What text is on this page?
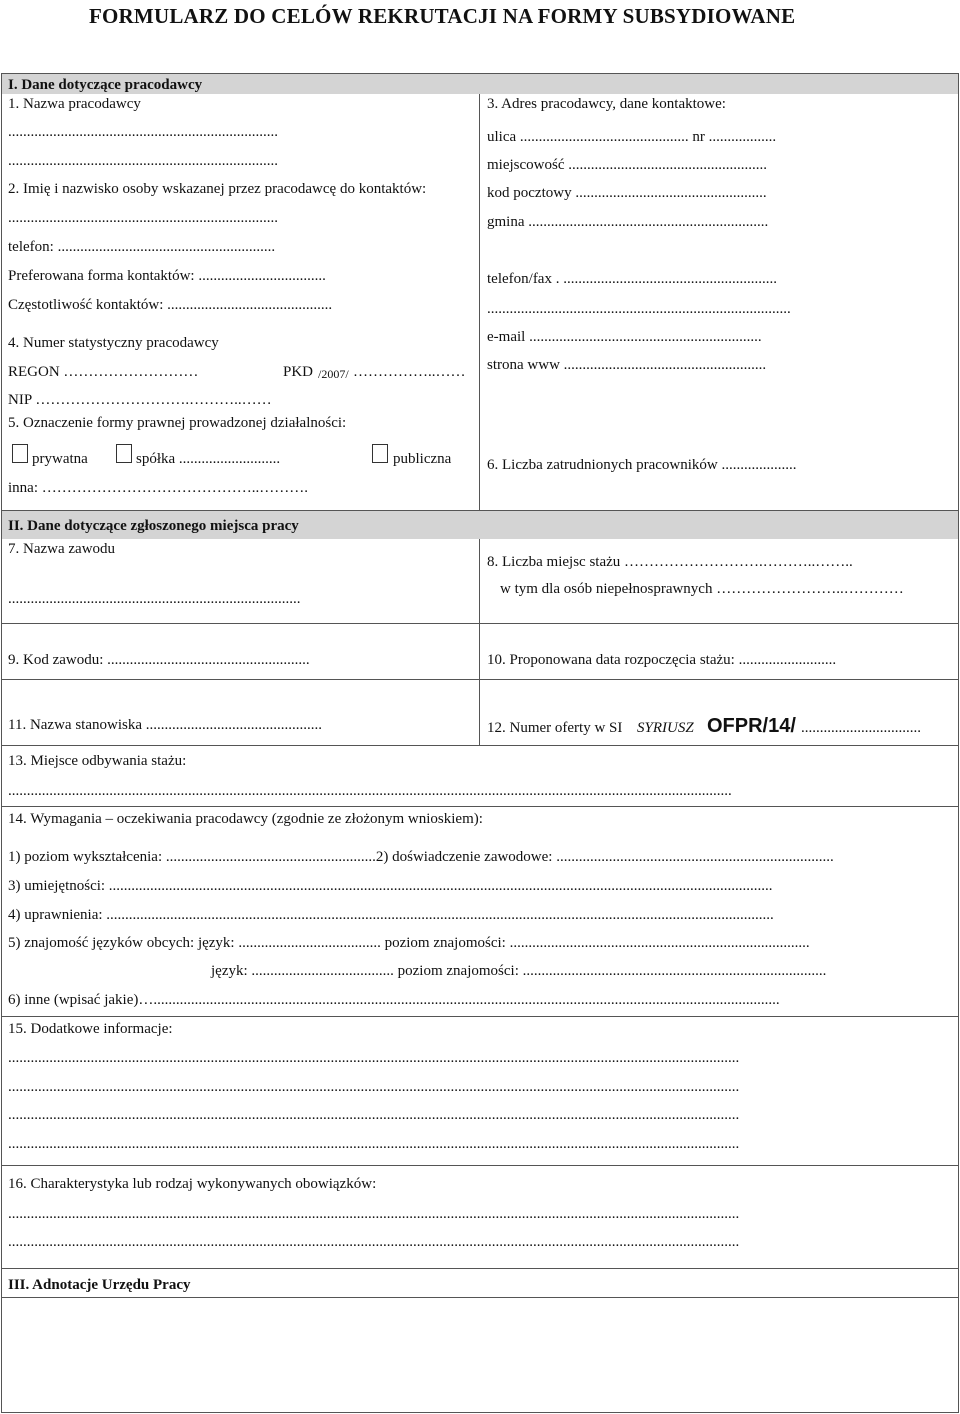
FORMULARZ DO CELÓW REKRUTACJI NA FORMY SUBSYDIOWANE
I. Dane dotyczące pracodawcy
1. Nazwa pracodawcy
........................................................................
........................................................................
2. Imię i nazwisko osoby wskazanej przez pracodawcę do kontaktów:
........................................................................
telefon: ..........................................................
Preferowana forma kontaktów: ..................................
Częstotliwość kontaktów: ............................................
4. Numer statystyczny pracodawcy
REGON ………………………	PKD /2007/ ……………..……
NIP ………………………….………..……
5. Oznaczenie formy prawnej prowadzonej działalności:
prywatna	spółka ...........................	publiczna
inna: ……………………………………..……….
3. Adres pracodawcy, dane kontaktowe:
ulica ............................................. nr ..................
miejscowość .....................................................
kod pocztowy ...................................................
gmina ................................................................
telefon/fax . .........................................................
.................................................................................
e-mail ..............................................................
strona www ......................................................
6. Liczba zatrudnionych pracowników ....................
II. Dane dotyczące zgłoszonego miejsca pracy
7. Nazwa zawodu
..............................................................................
8. Liczba miejsc stażu ……………………….………..……..
w tym dla osób niepełnosprawnych ……………………..…………
9. Kod zawodu: ......................................................	10. Proponowana data rozpoczęcia stażu: ..........................
11. Nazwa stanowiska ...............................................	12. Numer oferty w SI SYRIUSZ OFPR/14/ ................................
13. Miejsce odbywania stażu:
.................................................................................................................................................................................................
14. Wymagania – oczekiwania pracodawcy (zgodnie ze złożonym wnioskiem):
1) poziom wykształcenia: ........................................................2) doświadczenie zawodowe: ..........................................................................
3) umiejętności: .................................................................................................................................................................................
4) uprawnienia: ..................................................................................................................................................................................
5) znajomość języków obcych: język: ...................................... poziom znajomości: ................................................................................
język: ...................................... poziom znajomości: .................................................................................
6) inne (wpisać jakie)….......................................................................................................................................................................
15. Dodatkowe informacje:
...................................................................................................................................................................................................
...................................................................................................................................................................................................
...................................................................................................................................................................................................
...................................................................................................................................................................................................
16. Charakterystyka lub rodzaj wykonywanych obowiązków:
...................................................................................................................................................................................................
...................................................................................................................................................................................................
III. Adnotacje Urzędu Pracy
